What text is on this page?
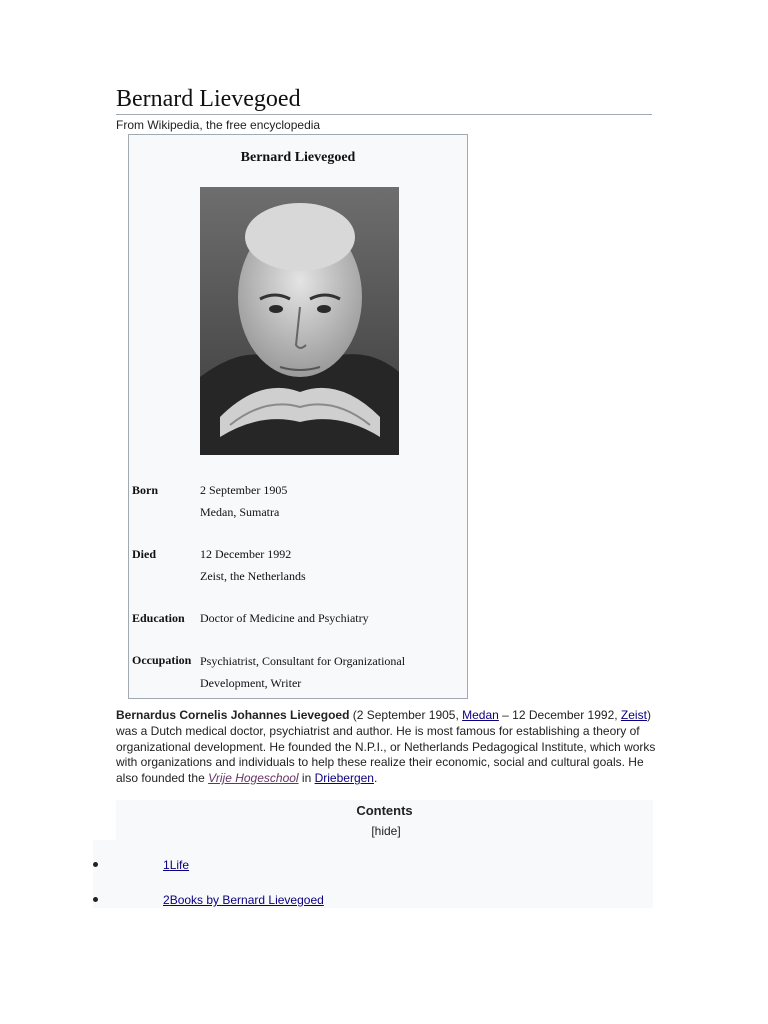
Bernard Lievegoed
From Wikipedia, the free encyclopedia
Bernard Lievegoed
Born	2 September 1905
Medan, Sumatra
Died	12 December 1992
Zeist, the Netherlands
Education Doctor of Medicine and Psychiatry
Occupation Psychiatrist, Consultant for Organizational
Development, Writer
Bernardus Cornelis Johannes Lievegoed (2 September 1905, Medan – 12 December 1992, Zeist) was a Dutch medical doctor, psychiatrist and author. He is most famous for establishing a theory of organizational development. He founded the N.P.I., or Netherlands Pedagogical Institute, which works with organizations and individuals to help these realize their economic, social and cultural goals. He also founded the Vrije Hogeschool in Driebergen.
Contents
[hide]
1Life
2Books by Bernard Lievegoed
